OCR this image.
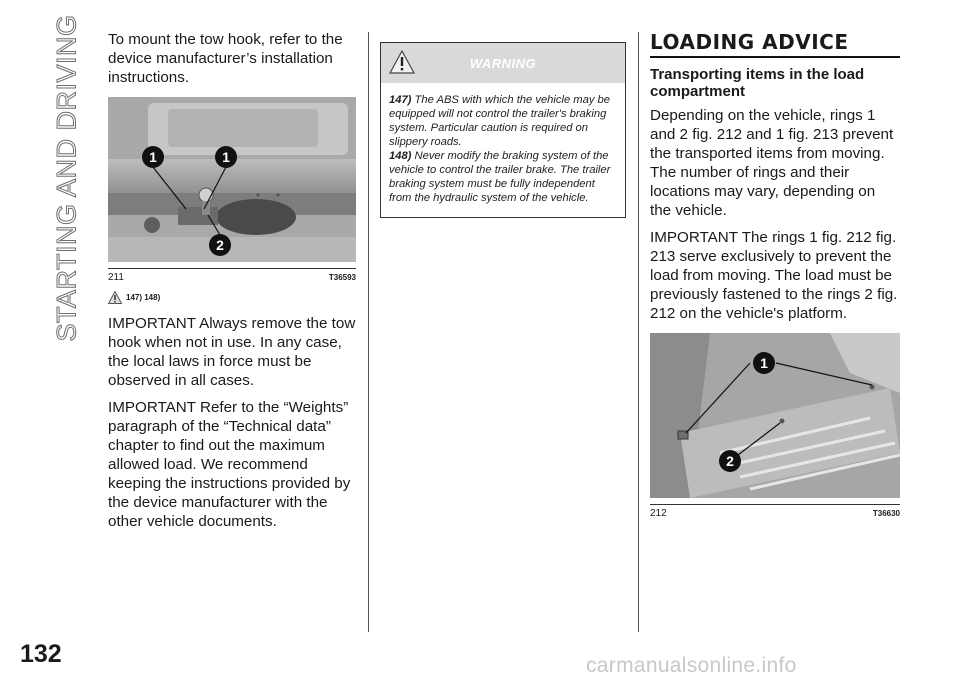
STARTING AND DRIVING To mount the tow hook, refer to the device manufacturer’s installation instructions.

1	1
2
211	T36593
147) 148)

IMPORTANT Always remove the tow hook when not in use. In any case, the local laws in force must be observed in all cases.

IMPORTANT Refer to the “Weights” paragraph of the “Technical data” chapter to find out the maximum allowed load. We recommend keeping the instructions provided by the device manufacturer with the other vehicle documents.

WARNING
147) The ABS with which the vehicle may be equipped will not control the trailer's braking system. Particular caution is required on slippery roads.
148) Never modify the braking system of the vehicle to control the trailer brake. The trailer braking system must be fully independent from the hydraulic system of the vehicle.
LOADING ADVICE
Transporting items in the load compartment

Depending on the vehicle, rings 1 and 2 fig. 212 and 1 fig. 213 prevent the transported items from moving. The number of rings and their locations may vary, depending on the vehicle.

IMPORTANT The rings 1 fig. 212 fig. 213 serve exclusively to prevent the load from moving. The load must be previously fastened to the rings 2 fig. 212 on the vehicle's platform.

1
2
212	T36630
132	carmanualsonline.info
